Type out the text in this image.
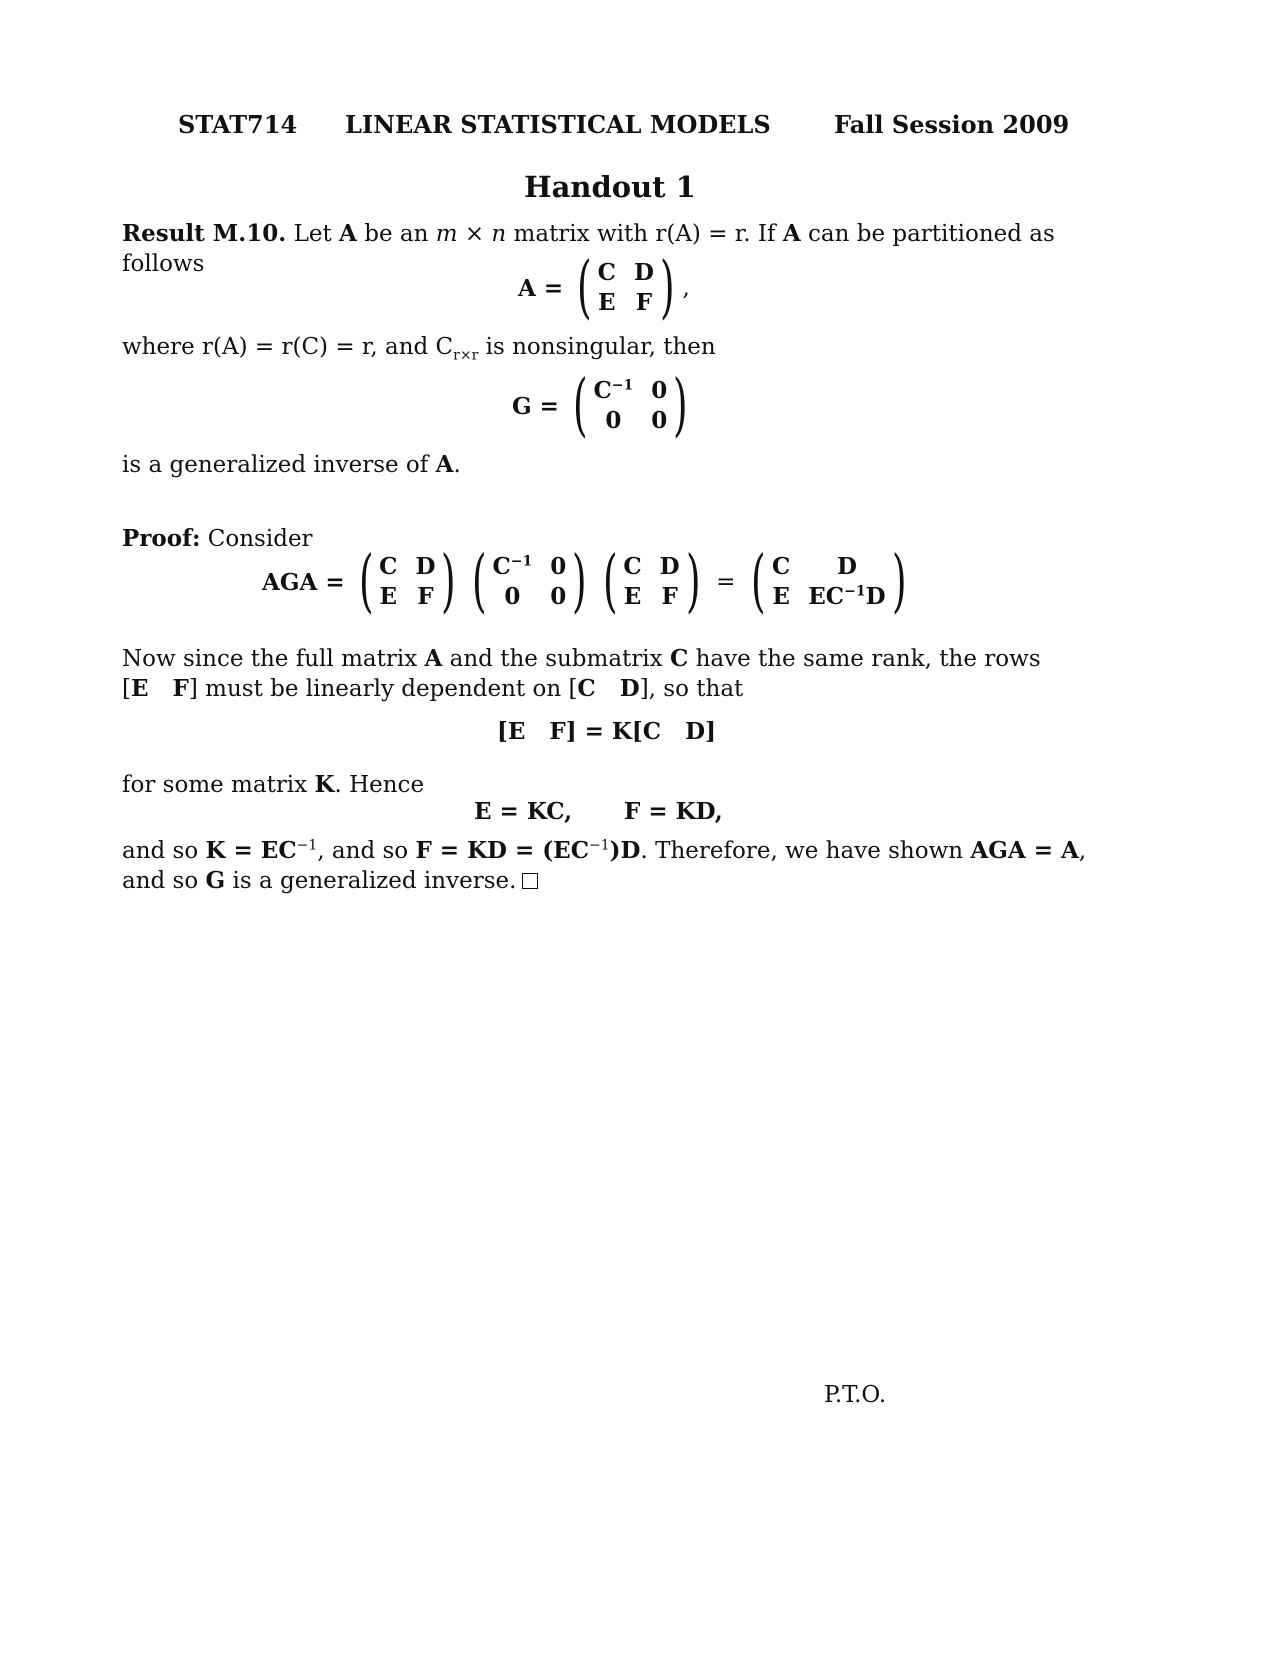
STAT714 LINEAR STATISTICAL MODELS	Fall Session 2009
Handout 1
Result M.10. Let A be an m × n matrix with r(A) = r. If A can be partitioned as follows
A = ( C D
E F ) ,
where r(A) = r(C) = r, and $C_{r\times r}$ is nonsingular, then
G = ( $C^{-1}$ 0
0	0 )
is a generalized inverse of A.
Proof: Consider
AGA = ( C D
E F ) ( $C^{-1}$ 0
0	0 ) ( C D
E F ) = ( C	D
E $EC^{-1}D$ )
Now since the full matrix A and the submatrix C have the same rank, the rows [E   F] must be linearly dependent on [C   D], so that
[E   F] = K[C   D]
for some matrix K. Hence
E = KC, F = KD,
and so $K = EC^{-1}$, and so F = KD = $(EC^{-1})D$. Therefore, we have shown AGA = A, and so G is a generalized inverse.
P.T.O.
